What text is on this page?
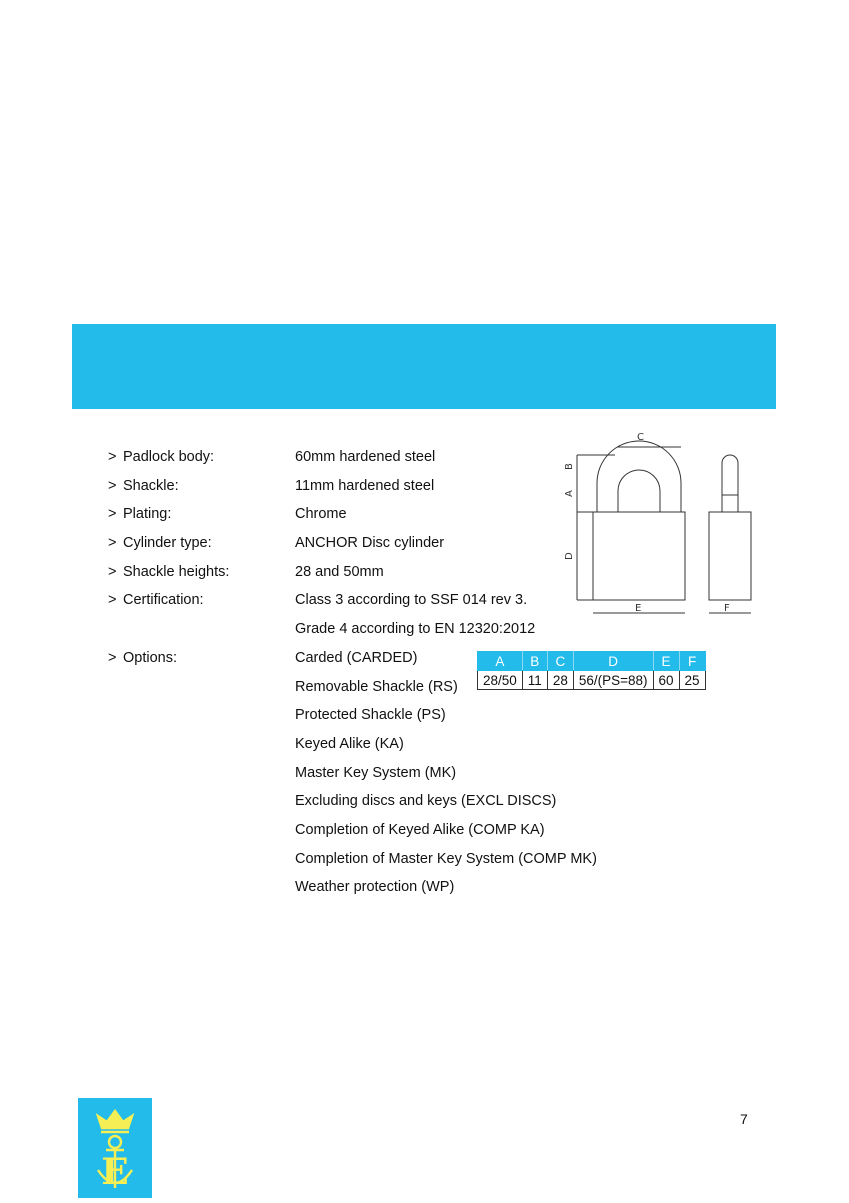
> Padlock body:	60mm hardened steel
> Shackle:	11mm hardened steel
> Plating:	Chrome
> Cylinder type:	ANCHOR Disc cylinder
> Shackle heights:	28 and 50mm
> Certification:	Class 3 according to SSF 014 rev 3.
Grade 4 according to EN 12320:2012
> Options:	Carded (CARDED)
Removable Shackle (RS)
Protected Shackle (PS)
Keyed Alike (KA)
Master Key System (MK)
Excluding discs and keys (EXCL DISCS)
Completion of Keyed Alike (COMP KA)
Completion of Master Key System (COMP MK)
Weather protection (WP)
A	B	C	D	E	F
28/50	11	28	56/(PS=88)	60	25
C
B
A
D
E	F
7
E
